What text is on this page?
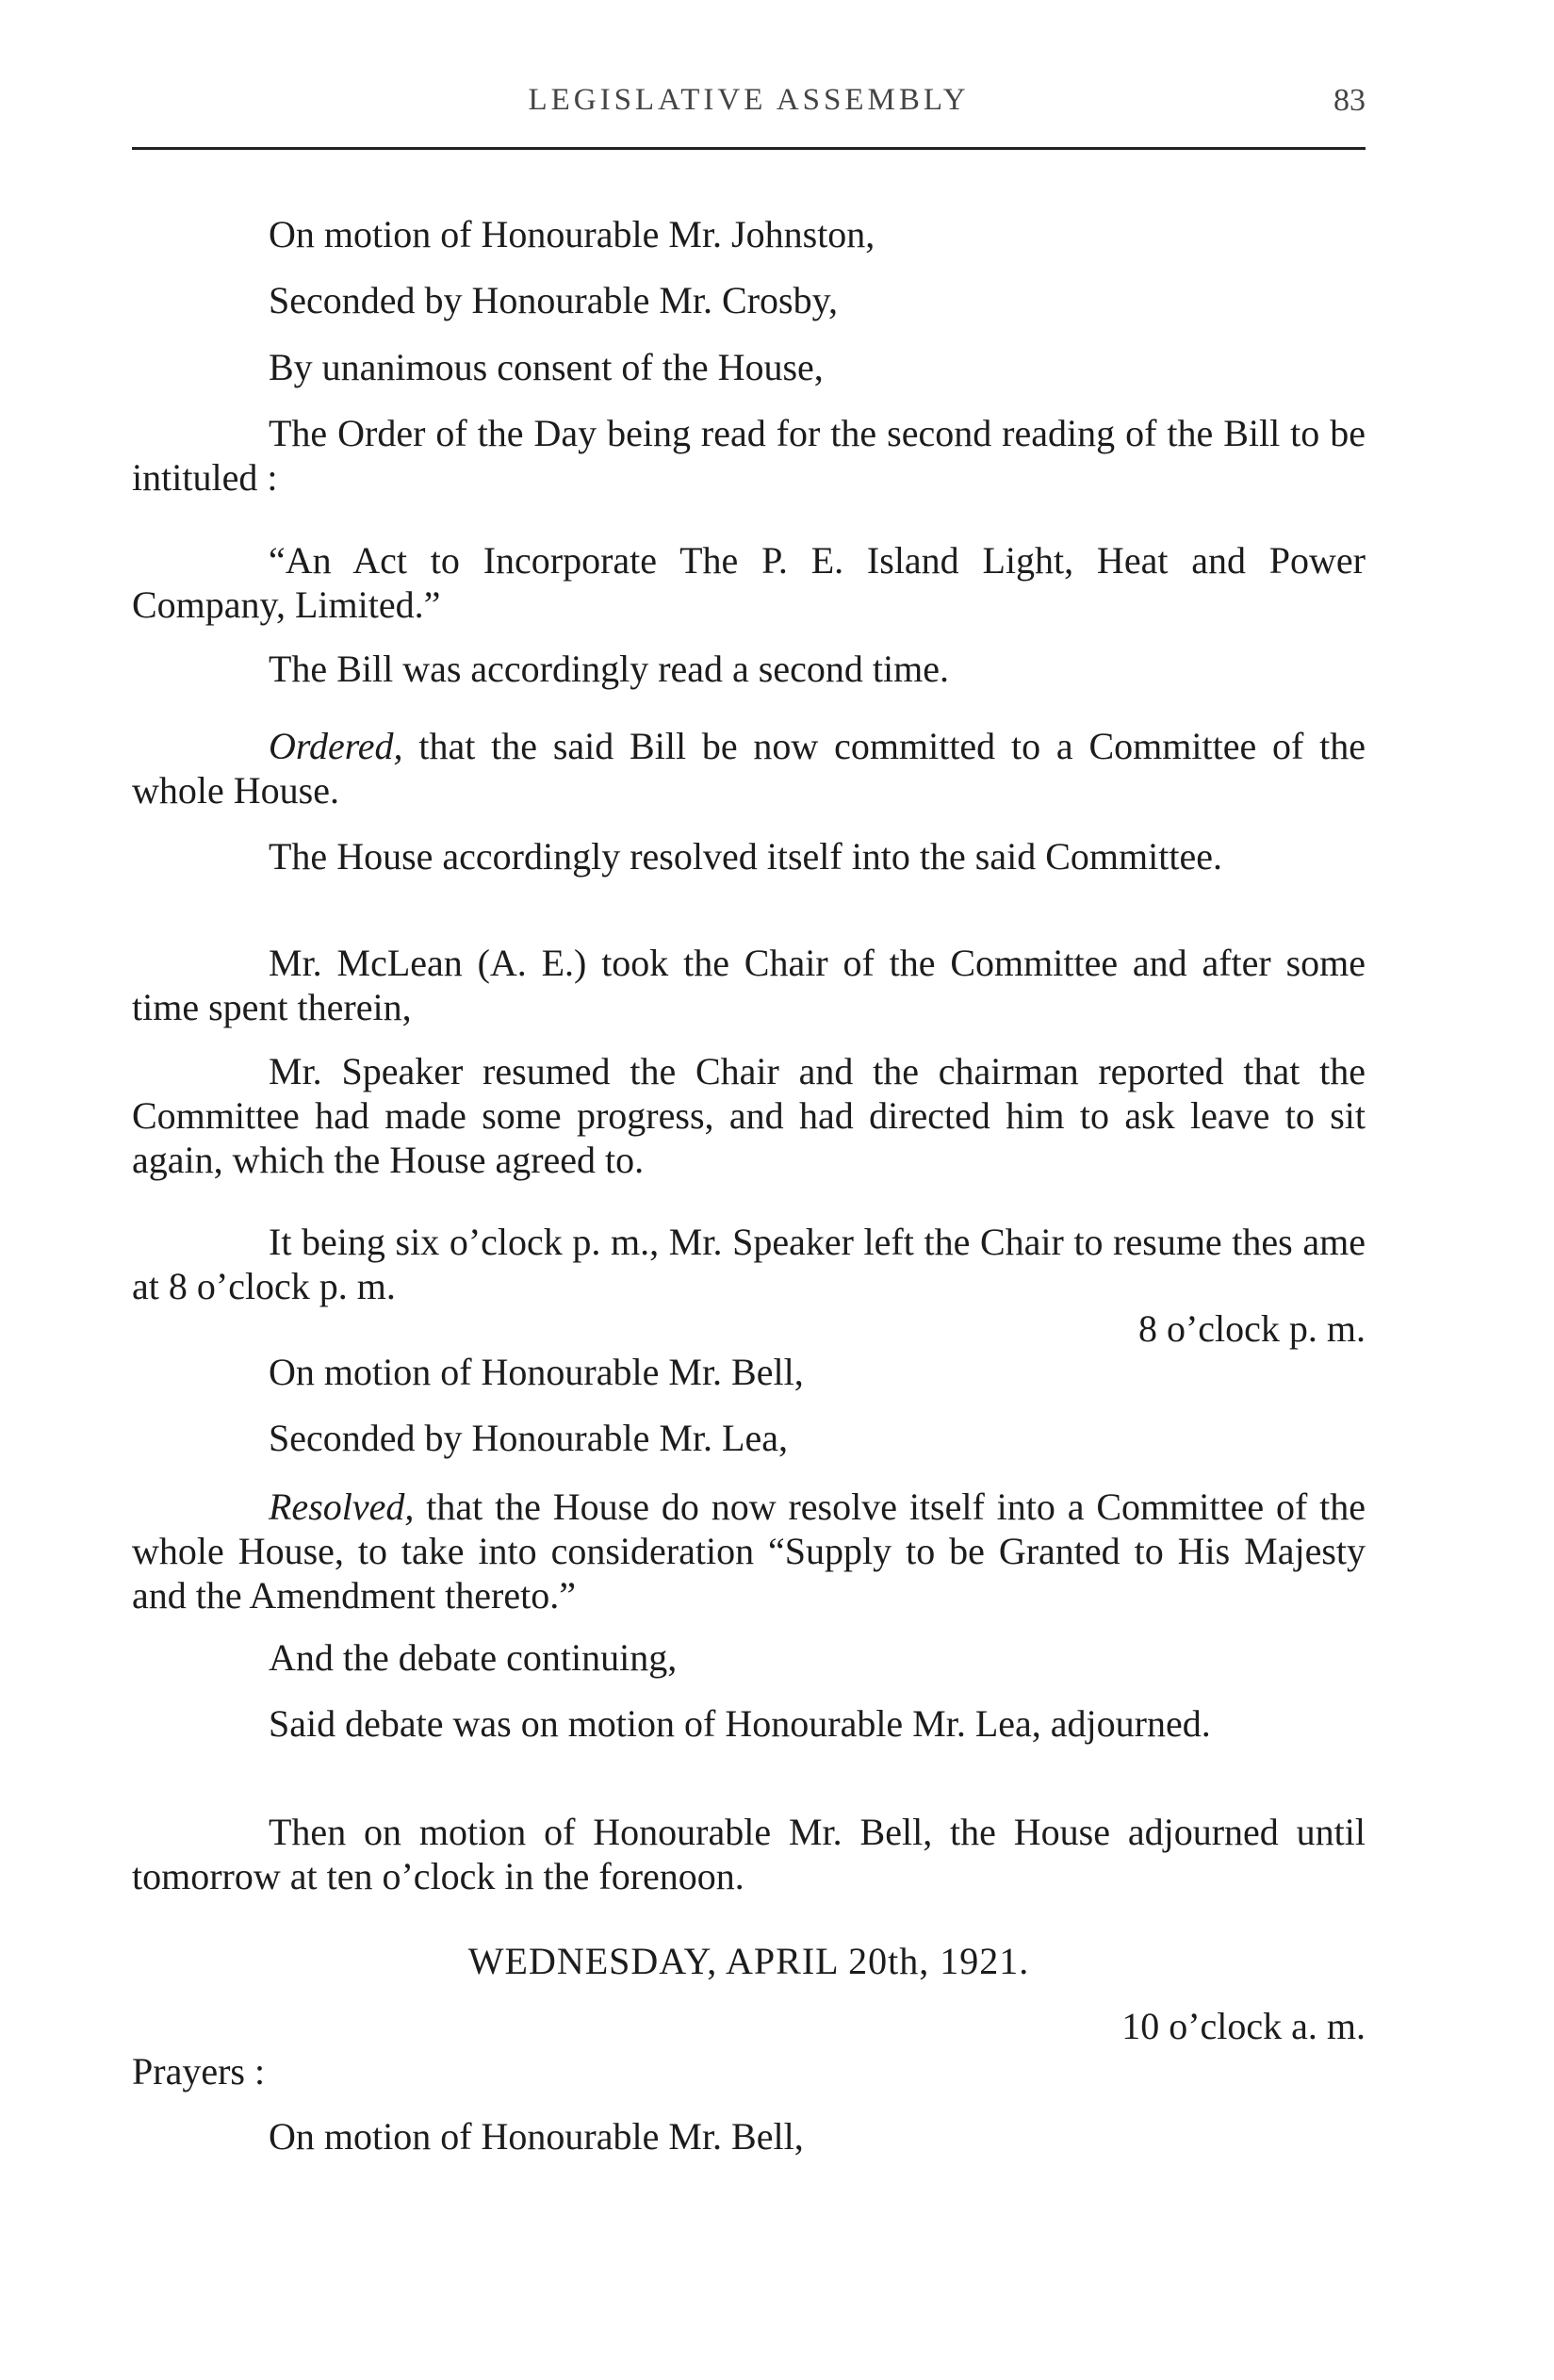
LEGISLATIVE ASSEMBLY	83

On motion of Honourable Mr. Johnston,

Seconded by Honourable Mr. Crosby,

By unanimous consent of the House,

The Order of the Day being read for the second reading of the Bill to be intituled :

“An Act to Incorporate The P. E. Island Light, Heat and Power Company, Limited.”

The Bill was accordingly read a second time.

Ordered, that the said Bill be now committed to a Committee of the whole House.

The House accordingly resolved itself into the said Committee.

Mr. McLean (A. E.) took the Chair of the Committee and after some time spent therein,

Mr. Speaker resumed the Chair and the chairman reported that the Committee had made some progress, and had directed him to ask leave to sit again, which the House agreed to.

It being six o’clock p. m., Mr. Speaker left the Chair to resume thes ame at 8 o’clock p. m.

8 o’clock p. m.

On motion of Honourable Mr. Bell,

Seconded by Honourable Mr. Lea,

Resolved, that the House do now resolve itself into a Committee of the whole House, to take into consideration “Supply to be Granted to His Majesty and the Amendment thereto.”

And the debate continuing,

Said debate was on motion of Honourable Mr. Lea, adjourned.

Then on motion of Honourable Mr. Bell, the House adjourned until tomorrow at ten o’clock in the forenoon.

WEDNESDAY, APRIL 20th, 1921.

10 o’clock a. m.

Prayers :

On motion of Honourable Mr. Bell,
